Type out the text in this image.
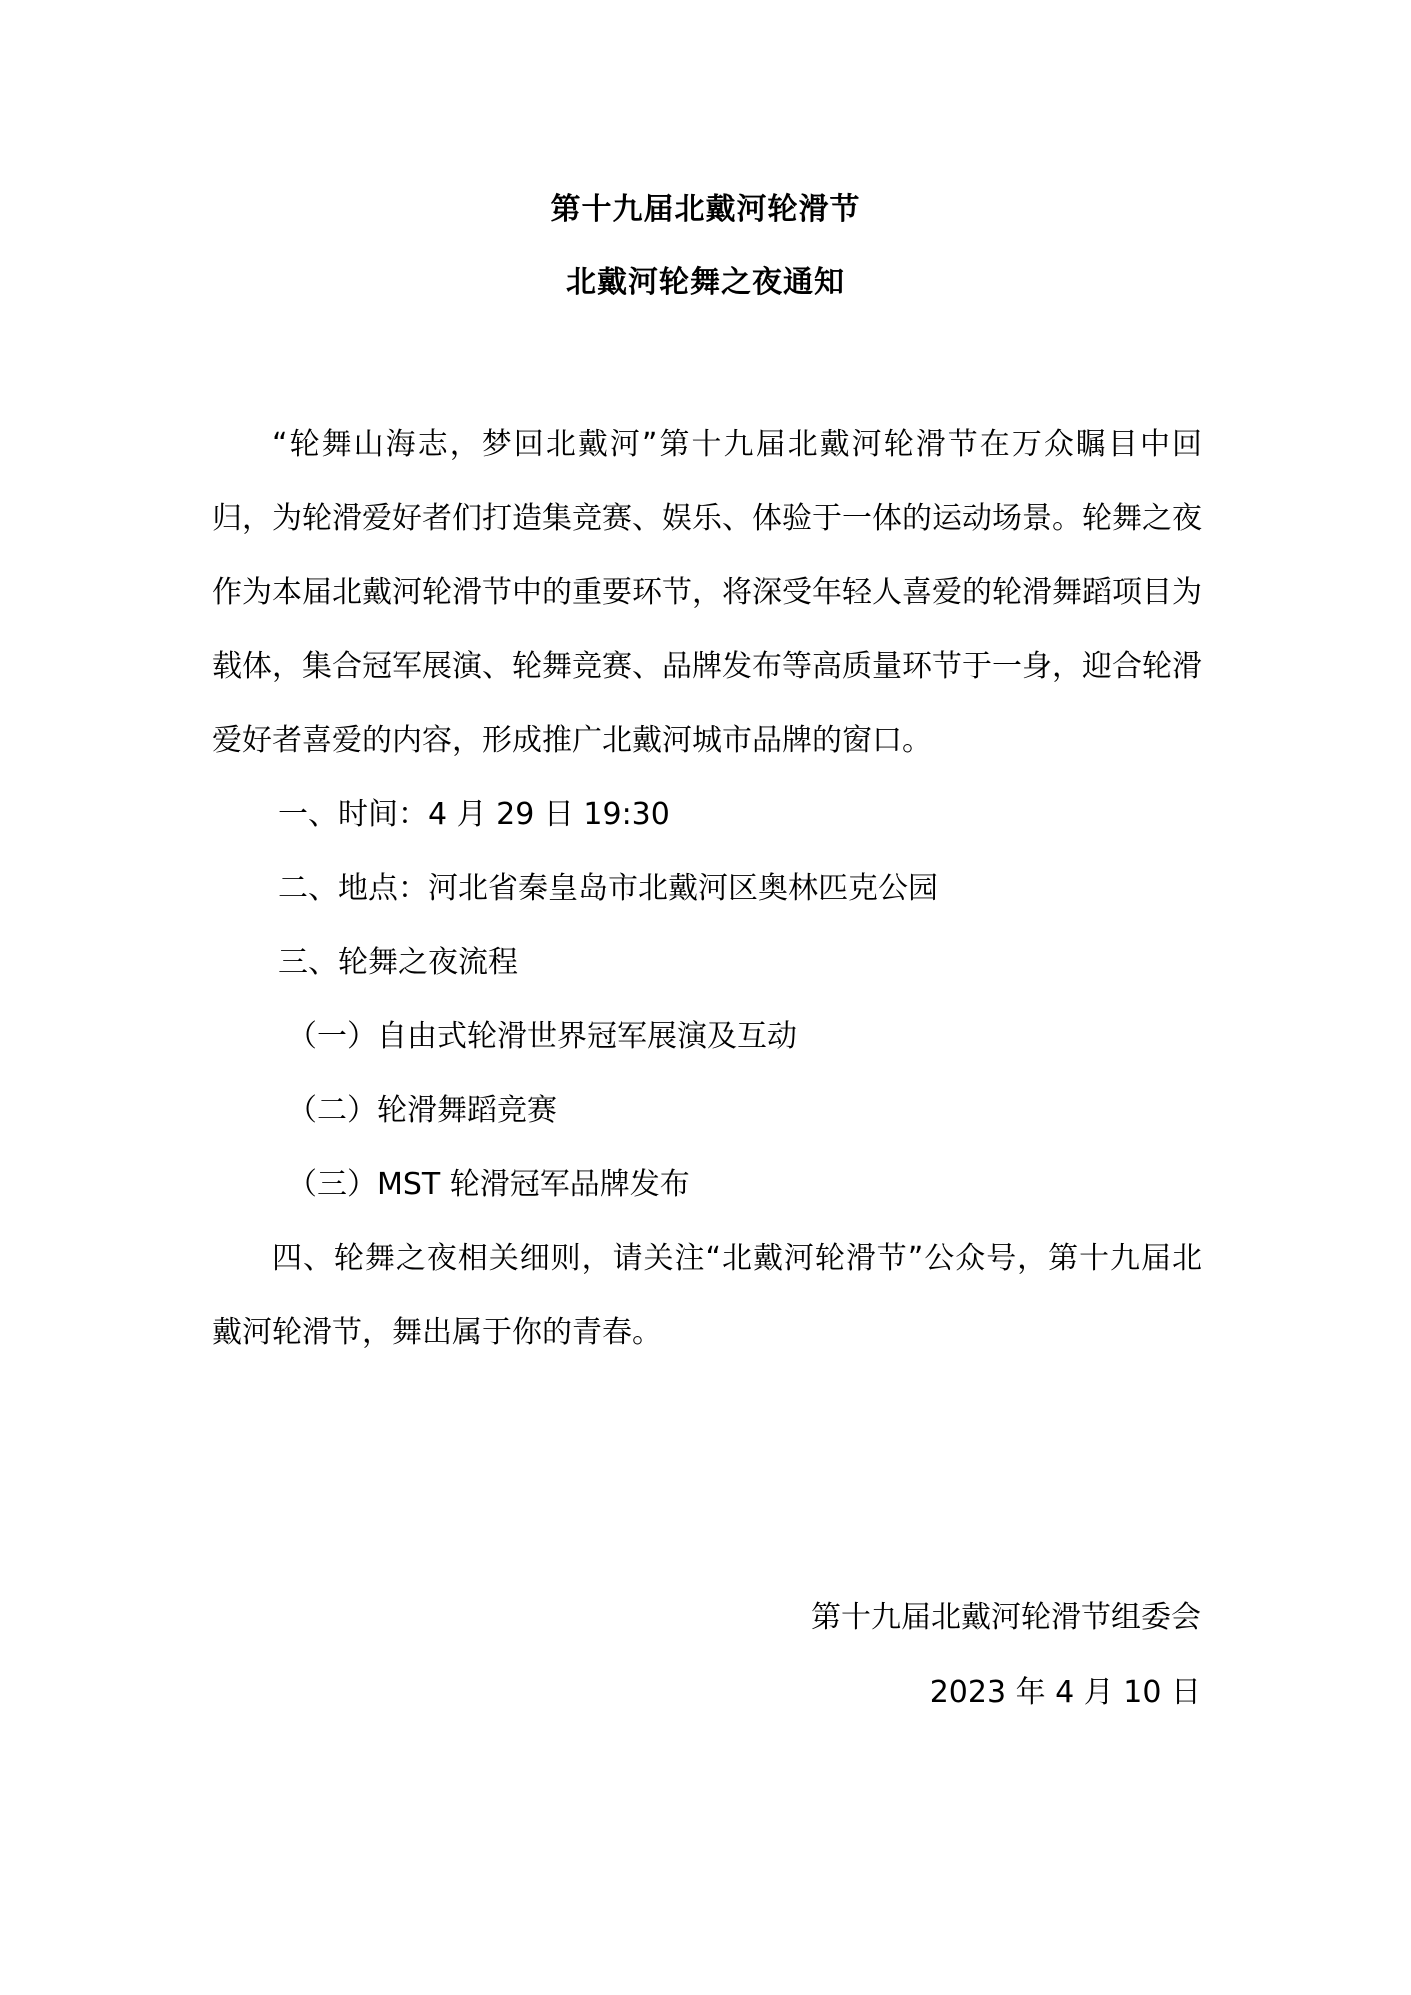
第十九届北戴河轮滑节
北戴河轮舞之夜通知

“轮舞山海志，梦回北戴河”第十九届北戴河轮滑节在万众瞩目中回归，为轮滑爱好者们打造集竞赛、娱乐、体验于一体的运动场景。轮舞之夜作为本届北戴河轮滑节中的重要环节，将深受年轻人喜爱的轮滑舞蹈项目为载体，集合冠军展演、轮舞竞赛、品牌发布等高质量环节于一身，迎合轮滑爱好者喜爱的内容，形成推广北戴河城市品牌的窗口。

一、时间：4 月 29 日 19:30

二、地点：河北省秦皇岛市北戴河区奥林匹克公园

三、轮舞之夜流程

（一）自由式轮滑世界冠军展演及互动

（二）轮滑舞蹈竞赛

（三）MST 轮滑冠军品牌发布

四、轮舞之夜相关细则，请关注“北戴河轮滑节”公众号，第十九届北戴河轮滑节，舞出属于你的青春。

第十九届北戴河轮滑节组委会
2023 年 4 月 10 日
